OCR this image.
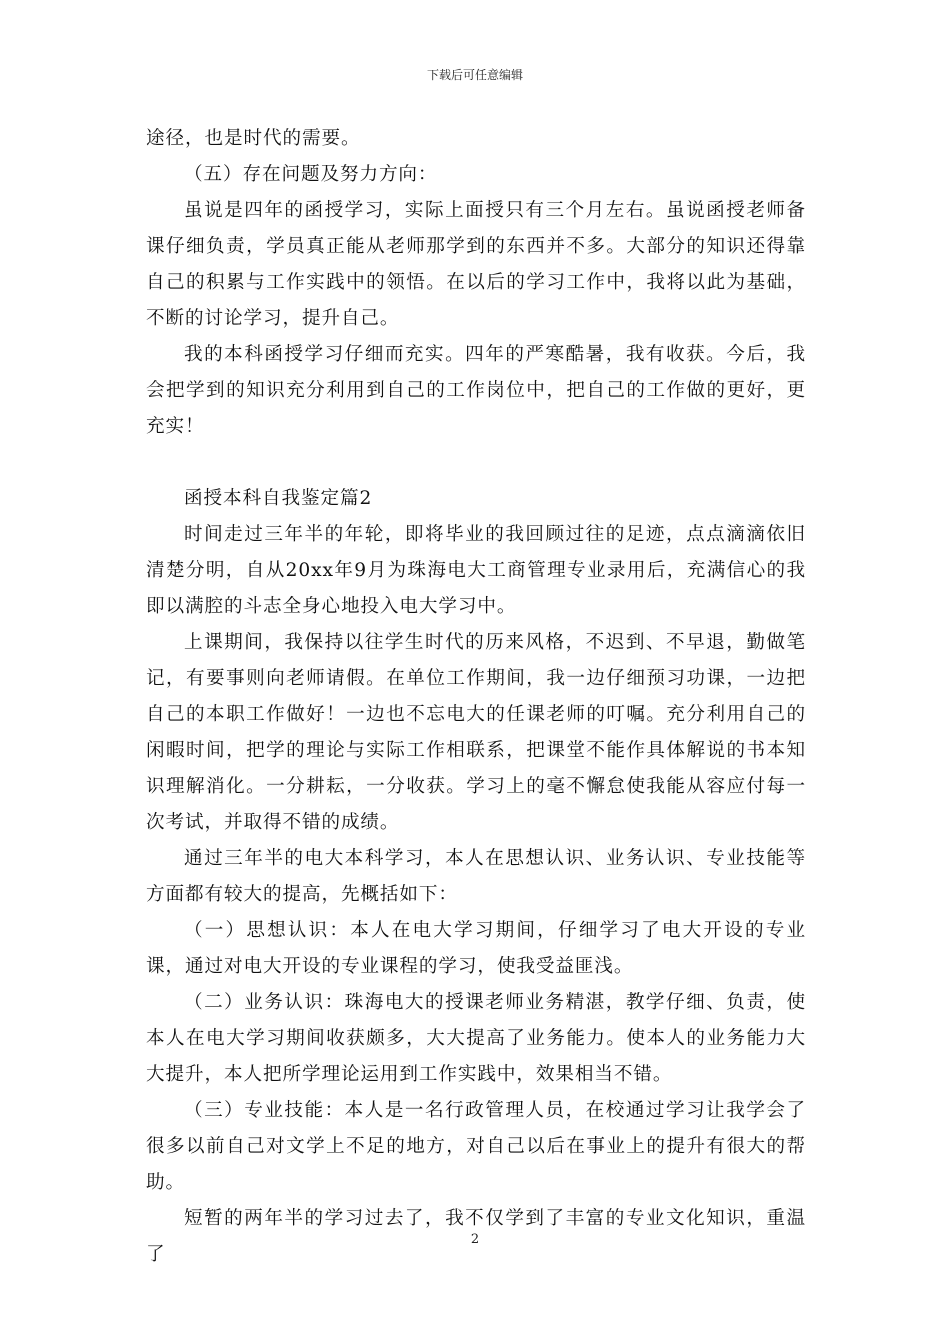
下载后可任意编辑

途径，也是时代的需要。

（五）存在问题及努力方向：

虽说是四年的函授学习，实际上面授只有三个月左右。虽说函授老师备课仔细负责，学员真正能从老师那学到的东西并不多。大部分的知识还得靠自己的积累与工作实践中的领悟。在以后的学习工作中，我将以此为基础，不断的讨论学习，提升自己。

我的本科函授学习仔细而充实。四年的严寒酷暑，我有收获。今后，我会把学到的知识充分利用到自己的工作岗位中，把自己的工作做的更好，更充实！

函授本科自我鉴定篇2

时间走过三年半的年轮，即将毕业的我回顾过往的足迹，点点滴滴依旧清楚分明，自从20xx年9月为珠海电大工商管理专业录用后，充满信心的我即以满腔的斗志全身心地投入电大学习中。

上课期间，我保持以往学生时代的历来风格，不迟到、不早退，勤做笔记，有要事则向老师请假。在单位工作期间，我一边仔细预习功课，一边把自己的本职工作做好！一边也不忘电大的任课老师的叮嘱。充分利用自己的闲暇时间，把学的理论与实际工作相联系，把课堂不能作具体解说的书本知识理解消化。一分耕耘，一分收获。学习上的毫不懈怠使我能从容应付每一次考试，并取得不错的成绩。

通过三年半的电大本科学习，本人在思想认识、业务认识、专业技能等方面都有较大的提高，先概括如下：

（一）思想认识：本人在电大学习期间，仔细学习了电大开设的专业课，通过对电大开设的专业课程的学习，使我受益匪浅。

（二）业务认识：珠海电大的授课老师业务精湛，教学仔细、负责，使本人在电大学习期间收获颇多，大大提高了业务能力。使本人的业务能力大大提升，本人把所学理论运用到工作实践中，效果相当不错。

（三）专业技能：本人是一名行政管理人员，在校通过学习让我学会了很多以前自己对文学上不足的地方，对自己以后在事业上的提升有很大的帮助。

短暂的两年半的学习过去了，我不仅学到了丰富的专业文化知识，重温了

2
